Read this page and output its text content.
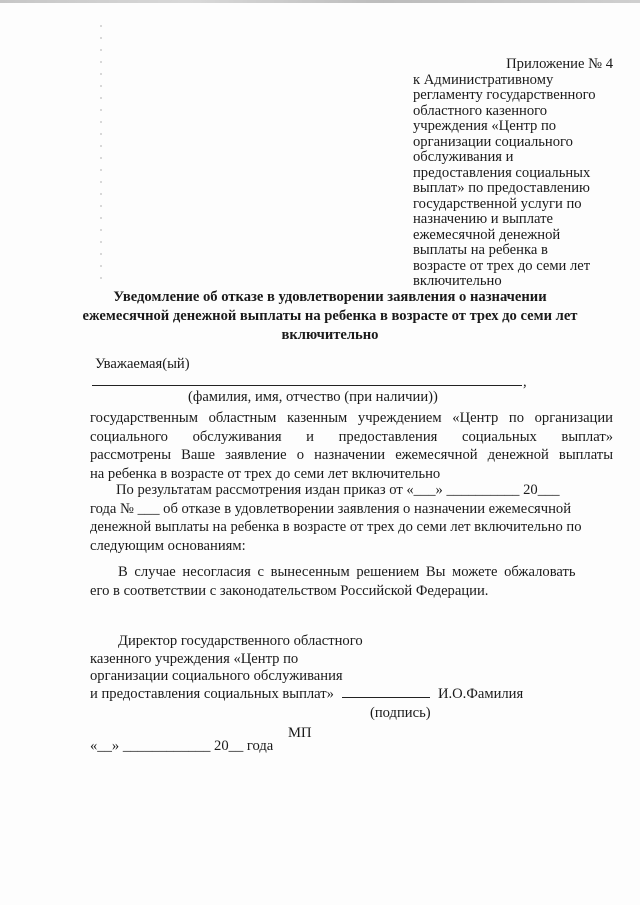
Приложение № 4
к Административному
регламенту государственного
областного казенного
учреждения «Центр по
организации социального
обслуживания и
предоставления социальных
выплат» по предоставлению
государственной услуги по
назначению и выплате
ежемесячной денежной
выплаты на ребенка в
возрасте от трех до семи лет
включительно
Уведомление об отказе в удовлетворении заявления о назначении
ежемесячной денежной выплаты на ребенка в возрасте от трех до семи лет
включительно
Уважаемая(ый)
,
(фамилия, имя, отчество (при наличии))
государственным областным казенным учреждением «Центр по организации
социального обслуживания и предоставления социальных выплат»
рассмотрены Ваше заявление о назначении ежемесячной денежной выплаты
на ребенка в возрасте от трех до семи лет включительно
По результатам рассмотрения издан приказ от «___» __________ 20___
года № ___ об отказе в удовлетворении заявления о назначении ежемесячной
денежной выплаты на ребенка в возрасте от трех до семи лет включительно по
следующим основаниям:
В случае несогласия с вынесенным решением Вы можете обжаловать
его в соответствии с законодательством Российской Федерации.
Директор государственного областного
казенного учреждения «Центр по
организации социального обслуживания
и предоставления социальных выплат»	И.О.Фамилия
(подпись)
МП
«__» ____________ 20__ года
